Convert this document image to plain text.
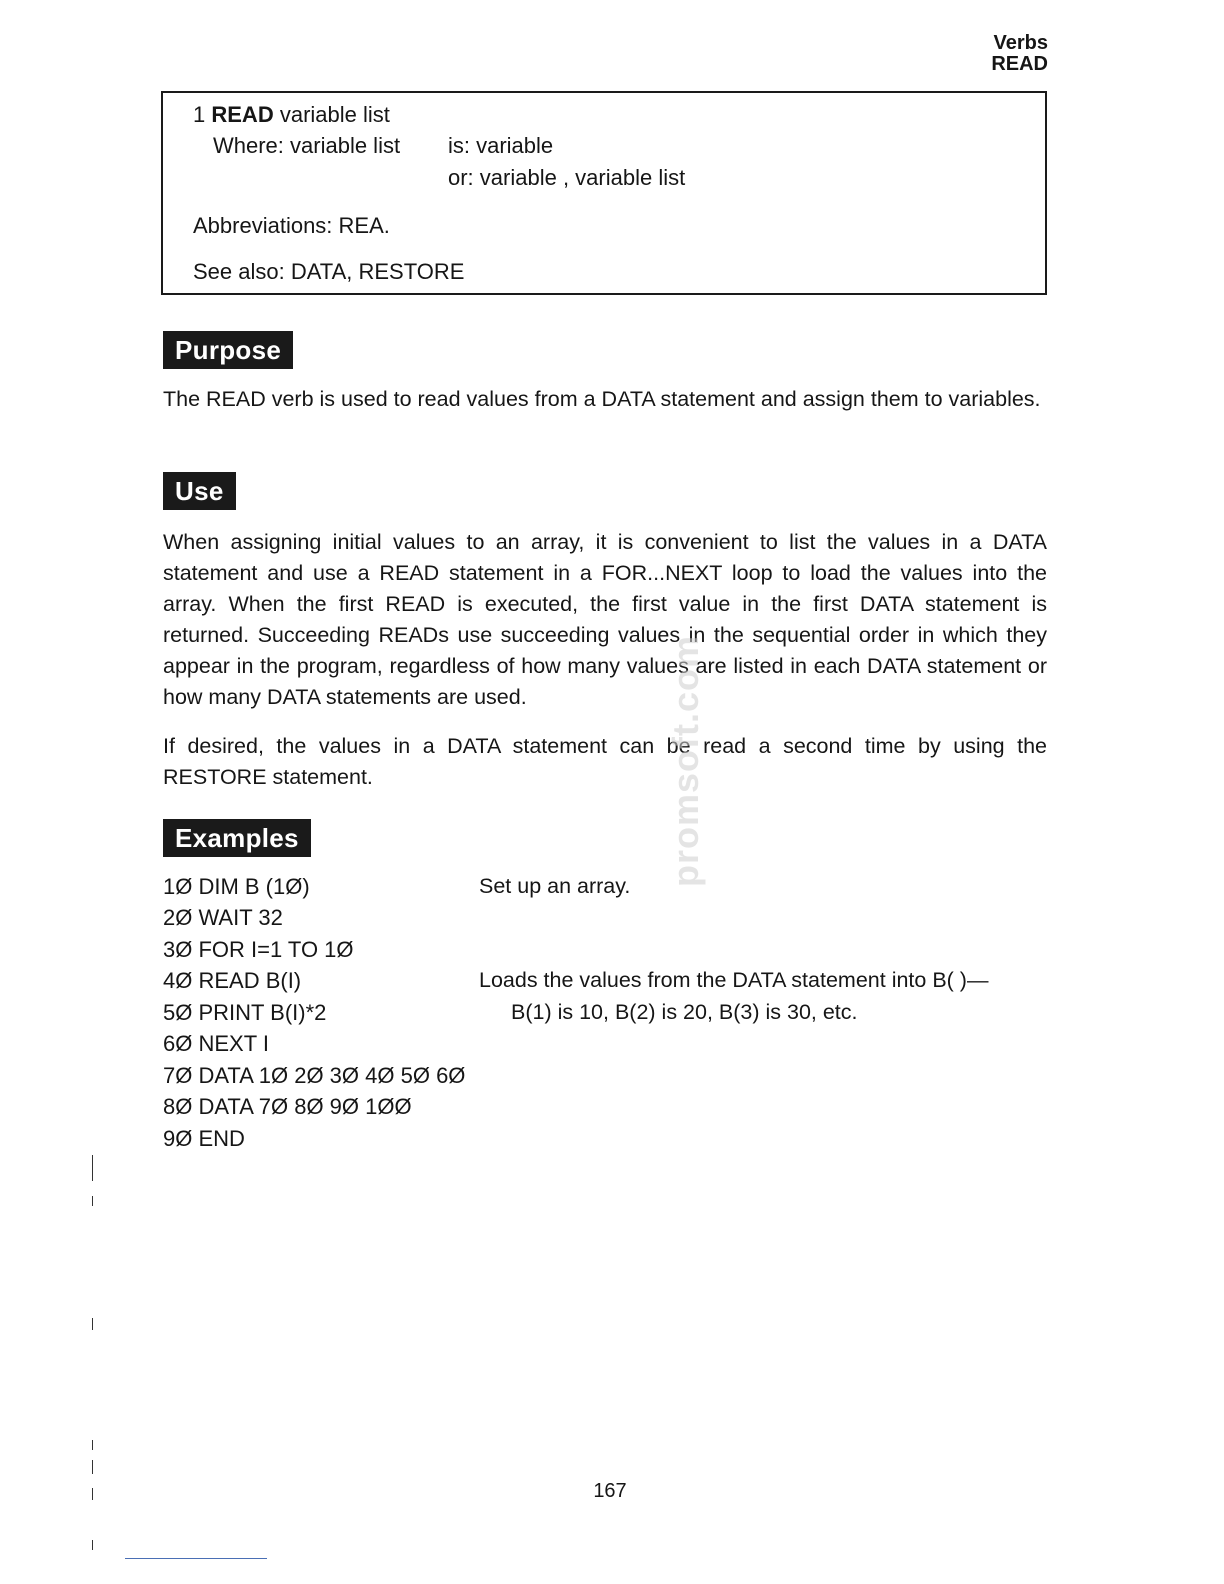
Verbs
READ
1 READ variable list
Where: variable list is: variable
or: variable , variable list
Abbreviations: REA.
See also: DATA, RESTORE
Purpose
The READ verb is used to read values from a DATA statement and assign them to variables.
Use
When assigning initial values to an array, it is convenient to list the values in a DATA statement and use a READ statement in a FOR...NEXT loop to load the values into the array. When the first READ is executed, the first value in the first DATA statement is returned. Succeeding READs use succeeding values in the sequential order in which they appear in the program, regardless of how many values are listed in each DATA statement or how many DATA statements are used.
If desired, the values in a DATA statement can be read a second time by using the RESTORE statement.	promsoft.com
Examples
1Ø DIM B (1Ø)
2Ø WAIT 32
3Ø FOR I=1 TO 1Ø
4Ø READ B(I)
5Ø PRINT B(I)*2
6Ø NEXT I
7Ø DATA 1Ø 2Ø 3Ø 4Ø 5Ø 6Ø
8Ø DATA 7Ø 8Ø 9Ø 1ØØ
9Ø END
Set up an array.
Loads the values from the DATA statement into B( )—
B(1) is 10, B(2) is 20, B(3) is 30, etc.
167
